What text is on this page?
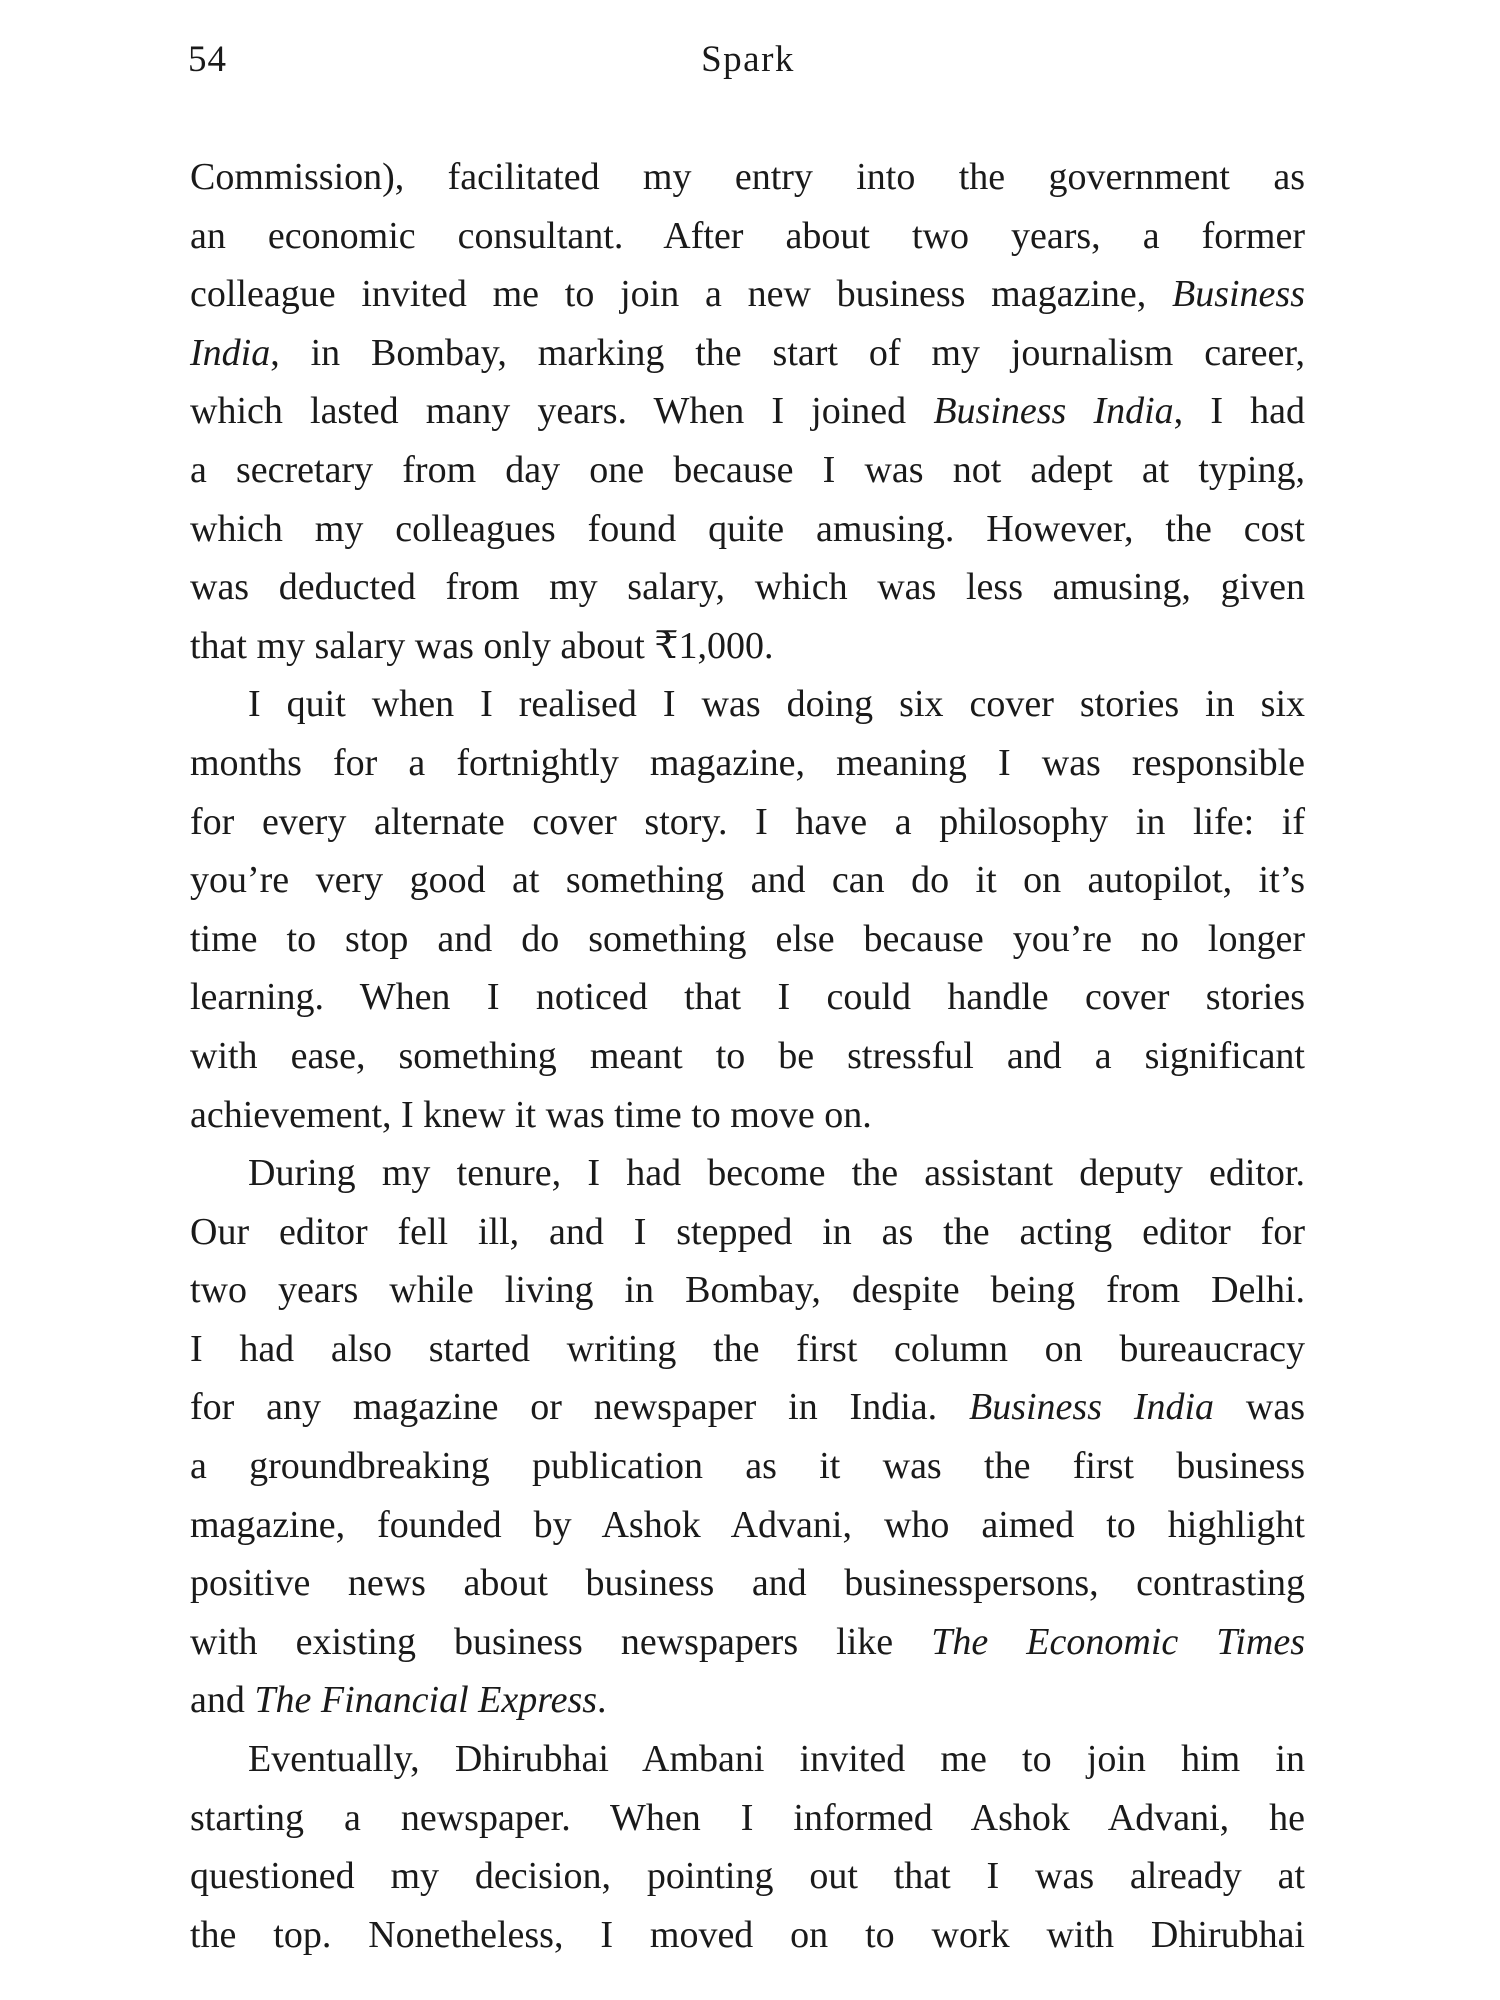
54	Spark
Commission), facilitated my entry into the government as
an economic consultant. After about two years, a former
colleague invited me to join a new business magazine, Business
India, in Bombay, marking the start of my journalism career,
which lasted many years. When I joined Business India, I had
a secretary from day one because I was not adept at typing,
which my colleagues found quite amusing. However, the cost
was deducted from my salary, which was less amusing, given
that my salary was only about ₹1,000.
I quit when I realised I was doing six cover stories in six
months for a fortnightly magazine, meaning I was responsible
for every alternate cover story. I have a philosophy in life: if
you’re very good at something and can do it on autopilot, it’s
time to stop and do something else because you’re no longer
learning. When I noticed that I could handle cover stories
with ease, something meant to be stressful and a significant
achievement, I knew it was time to move on.
During my tenure, I had become the assistant deputy editor.
Our editor fell ill, and I stepped in as the acting editor for
two years while living in Bombay, despite being from Delhi.
I had also started writing the first column on bureaucracy
for any magazine or newspaper in India. Business India was
a groundbreaking publication as it was the first business
magazine, founded by Ashok Advani, who aimed to highlight
positive news about business and businesspersons, contrasting
with existing business newspapers like The Economic Times
and The Financial Express.
Eventually, Dhirubhai Ambani invited me to join him in
starting a newspaper. When I informed Ashok Advani, he
questioned my decision, pointing out that I was already at
the top. Nonetheless, I moved on to work with Dhirubhai
